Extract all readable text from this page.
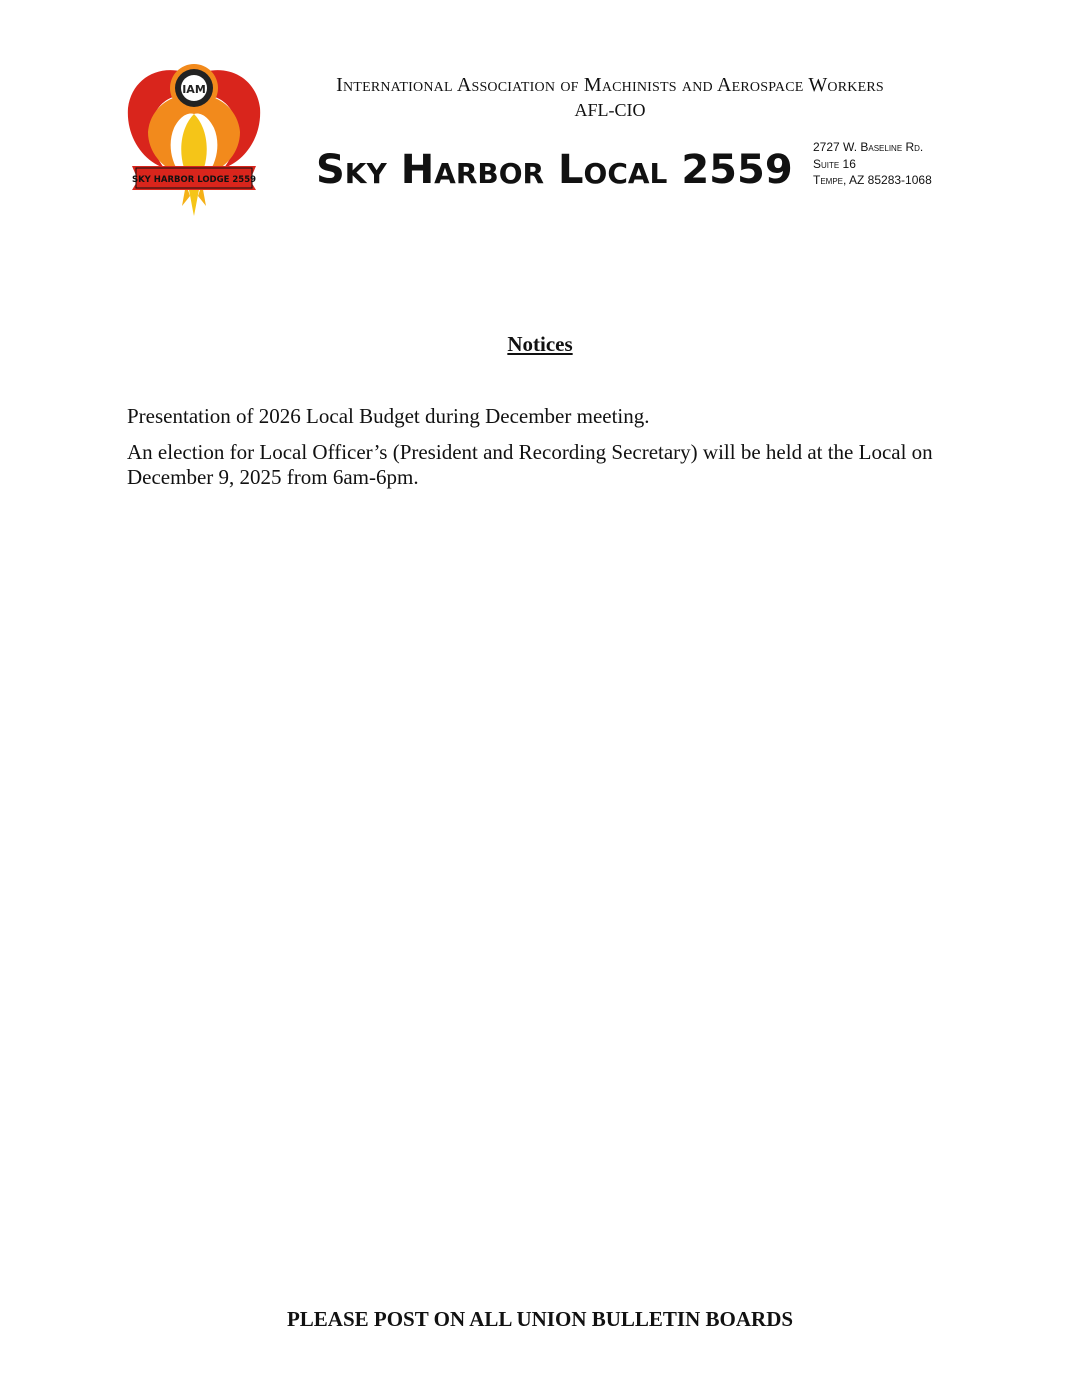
IAM
SKY HARBOR LODGE 2559
International Association of Machinists and Aerospace Workers
AFL-CIO
Sky Harbor Local 2559 2727 W. Baseline Rd.
Suite 16
Tempe, AZ 85283-1068
Notices
Presentation of 2026 Local Budget during December meeting.
An election for Local Officer’s (President and Recording Secretary) will be held at the Local on December 9, 2025 from 6am-6pm.
PLEASE POST ON ALL UNION BULLETIN BOARDS
